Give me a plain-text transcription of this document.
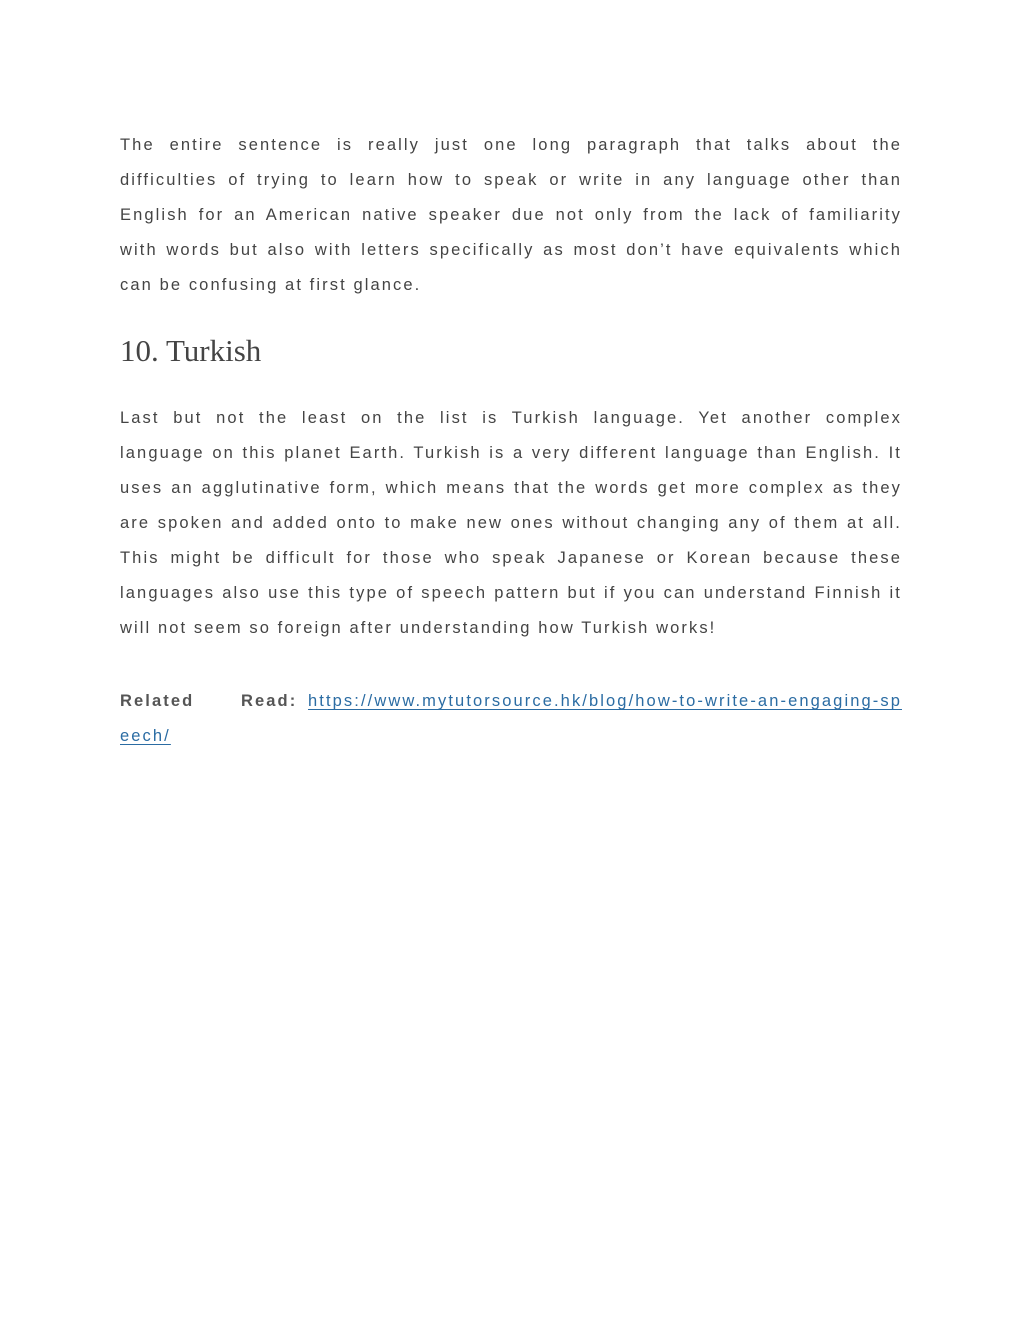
The entire sentence is really just one long paragraph that talks about the difficulties of trying to learn how to speak or write in any language other than English for an American native speaker due not only from the lack of familiarity with words but also with letters specifically as most don’t have equivalents which can be confusing at first glance.

10. Turkish

Last but not the least on the list is Turkish language. Yet another complex language on this planet Earth. Turkish is a very different language than English. It uses an agglutinative form, which means that the words get more complex as they are spoken and added onto to make new ones without changing any of them at all. This might be difficult for those who speak Japanese or Korean because these languages also use this type of speech pattern but if you can understand Finnish it will not seem so foreign after understanding how Turkish works!

Related Read: https://www.mytutorsource.hk/blog/how-to-write-an-engaging-speech/
